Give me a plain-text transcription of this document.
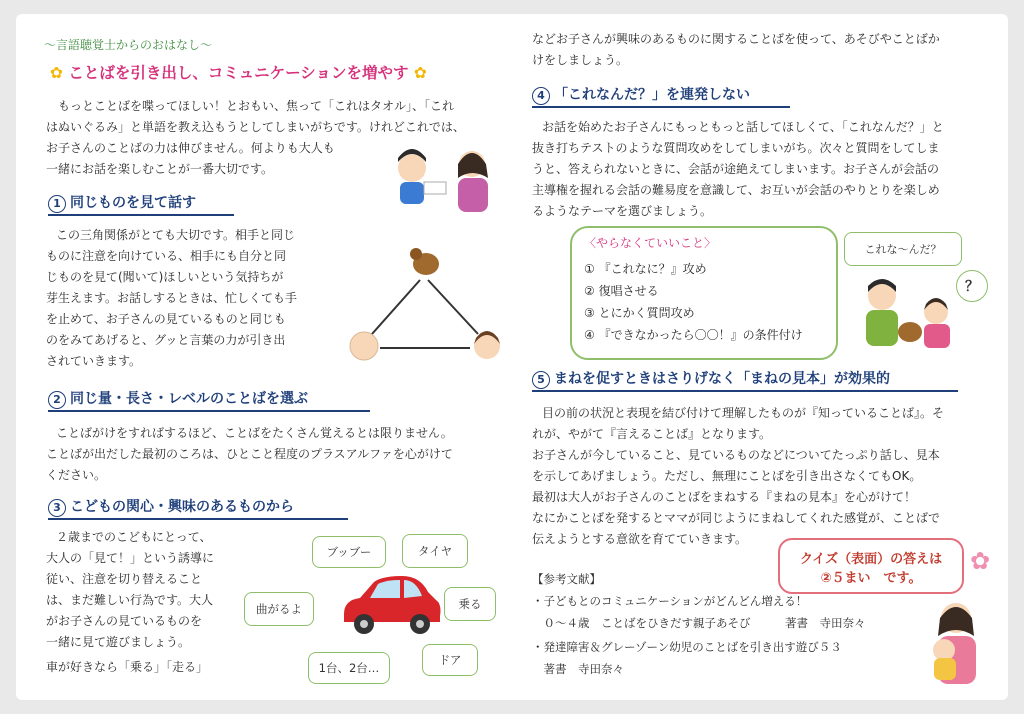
～言語聴覚士からのおはなし～
✿ ことばを引き出し、コミュニケーションを増やす ✿
もっとことばを喋ってほしい！とおもい、焦って「これはタオル」、「これ
はぬいぐるみ」と単語を教え込もうとしてしまいがちです。けれどこれでは、
お子さんのことばの力は伸びません。何よりも大人も
一緒にお話を楽しむことが一番大切です。
1 同じものを見て話す
この三角関係がとても大切です。相手と同じ
ものに注意を向けている、相手にも自分と同
じものを見て(聞いて)ほしいという気持ちが
芽生えます。お話しするときは、忙しくても手
を止めて、お子さんの見ているものと同じも
のをみてあげると、グッと言葉の力が引き出
されていきます。
2 同じ量・長さ・レベルのことばを選ぶ
ことばがけをすればするほど、ことばをたくさん覚えるとは限りません。
ことばが出だした最初のころは、ひとこと程度のプラスアルファを心がけて
ください。
3 こどもの関心・興味のあるものから
２歳までのこどもにとって、
大人の「見て！」という誘導に
従い、注意を切り替えること
は、まだ難しい行為です。大人
がお子さんの見ているものを
一緒に見て遊びましょう。
車が好きなら「乗る」「走る」
ブッブー	タイヤ
曲がるよ	乗る
ドア
1台、2台…
などお子さんが興味のあるものに関することばを使って、あそびやことばか
けをしましょう。
4 「これなんだ？」を連発しない
お話を始めたお子さんにもっともっと話してほしくて、「これなんだ？」と
抜き打ちテストのような質問攻めをしてしまいがち。次々と質問をしてしま
うと、答えられないときに、会話が途絶えてしまいます。お子さんが会話の
主導権を握れる会話の難易度を意識して、お互いが会話のやりとりを楽しめ
るようなテーマを選びましょう。
〈やらなくていいこと〉
① 『これなに？』攻め
② 復唱させる
③ とにかく質問攻め
④ 『できなかったら〇〇！』の条件付け
これな～んだ？
？
5 まねを促すときはさりげなく「まねの見本」が効果的
目の前の状況と表現を結び付けて理解したものが『知っていることば』。そ
れが、やがて『言えることば』となります。
お子さんが今していること、見ているものなどについてたっぷり話し、見本
を示してあげましょう。ただし、無理にことばを引き出さなくてもOK。
最初は大人がお子さんのことばをまねする『まねの見本』を心がけて！
なにかことばを発するとママが同じようにまねしてくれた感覚が、ことばで
伝えようとする意欲を育てていきます。
クイズ（表面）の答えは
②５まい　です。
✿
【参考文献】
・子どもとのコミュニケーションがどんどん増える！
　０～４歳　ことばをひきだす親子あそび　　　著書　寺田奈々
・発達障害＆グレーゾーン幼児のことばを引き出す遊び５３
　著書　寺田奈々
